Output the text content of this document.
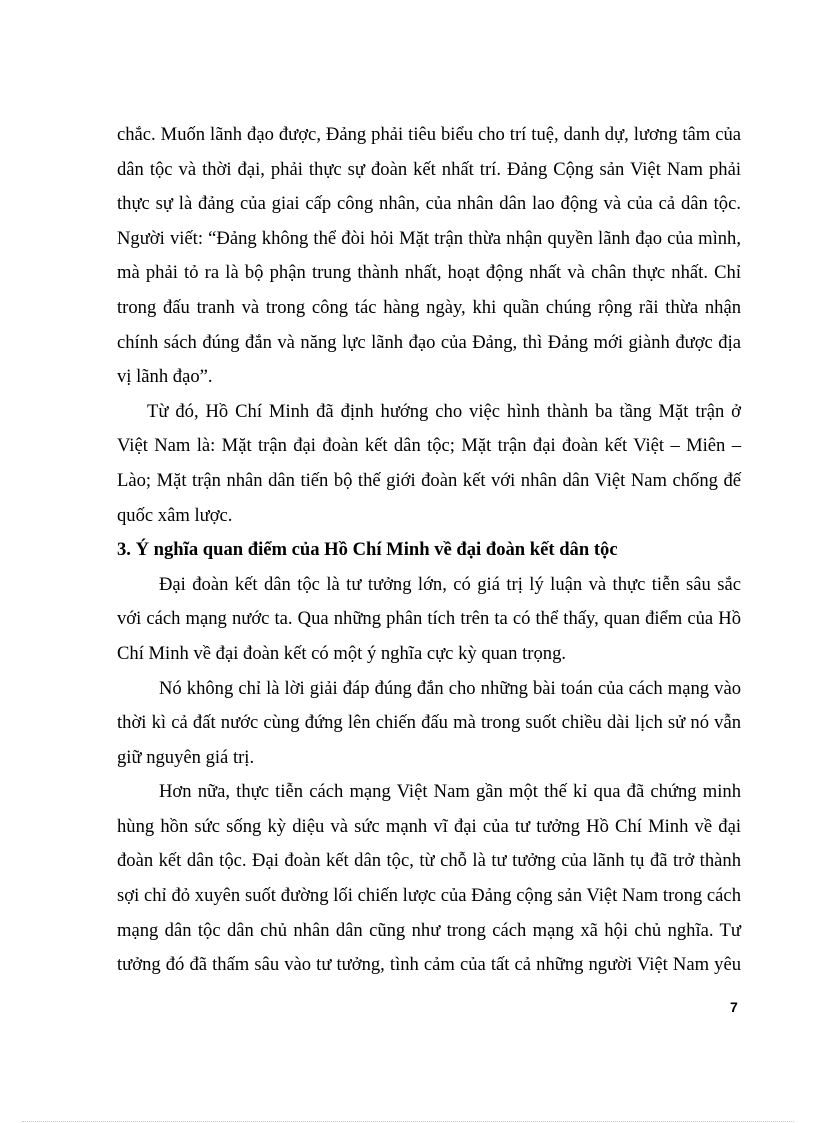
chắc. Muốn lãnh đạo được, Đảng phải tiêu biểu cho trí tuệ, danh dự, lương tâm của
dân tộc và thời đại, phải thực sự đoàn kết nhất trí. Đảng Cộng sản Việt Nam phải
thực sự là đảng của giai cấp công nhân, của nhân dân lao động và của cả dân tộc.
Người viết: “Đảng không thể đòi hỏi Mặt trận thừa nhận quyền lãnh đạo của mình,
mà phải tỏ ra là bộ phận trung thành nhất, hoạt động nhất và chân thực nhất. Chỉ
trong đấu tranh và trong công tác hàng ngày, khi quần chúng rộng rãi thừa nhận
chính sách đúng đắn và năng lực lãnh đạo của Đảng, thì Đảng mới giành được địa
vị lãnh đạo”.

Từ đó, Hồ Chí Minh đã định hướng cho việc hình thành ba tầng Mặt trận ở
Việt Nam là: Mặt trận đại đoàn kết dân tộc; Mặt trận đại đoàn kết Việt – Miên –
Lào; Mặt trận nhân dân tiến bộ thế giới đoàn kết với nhân dân Việt Nam chống đế
quốc xâm lược.

3. Ý nghĩa quan điểm của Hồ Chí Minh về đại đoàn kết dân tộc

Đại đoàn kết dân tộc là tư tưởng lớn, có giá trị lý luận và thực tiễn sâu sắc
với cách mạng nước ta. Qua những phân tích trên ta có thể thấy, quan điểm của Hồ
Chí Minh về đại đoàn kết có một ý nghĩa cực kỳ quan trọng.

Nó không chỉ là lời giải đáp đúng đắn cho những bài toán của cách mạng vào
thời kì cả đất nước cùng đứng lên chiến đấu mà trong suốt chiều dài lịch sử nó vẫn
giữ nguyên giá trị.

Hơn nữa, thực tiễn cách mạng Việt Nam gần một thế kỉ qua đã chứng minh
hùng hồn sức sống kỳ diệu và sức mạnh vĩ đại của tư tưởng Hồ Chí Minh về đại
đoàn kết dân tộc. Đại đoàn kết dân tộc, từ chỗ là tư tưởng của lãnh tụ đã trở thành
sợi chỉ đỏ xuyên suốt đường lối chiến lược của Đảng cộng sản Việt Nam trong cách
mạng dân tộc dân chủ nhân dân cũng như trong cách mạng xã hội chủ nghĩa. Tư
tưởng đó đã thấm sâu vào tư tưởng, tình cảm của tất cả những người Việt Nam yêu

7
